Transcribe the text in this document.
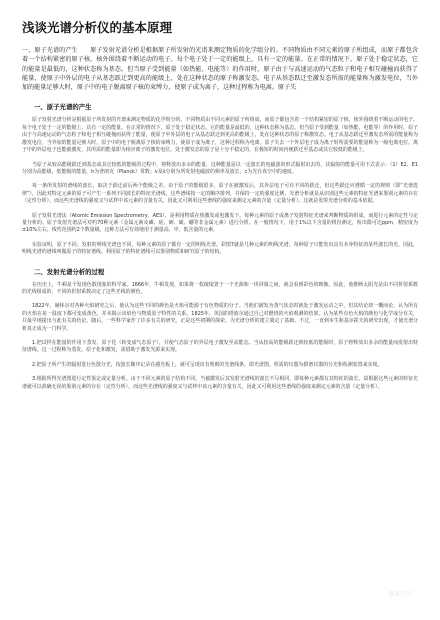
浅谈光谱分析仪的基本原理
一、原子光谱的产生　　原子发射光谱分析是根据原子所发射的光谱来测定物质的化学组分的。不同物质由不同元素的原子所组成，而原子都包含着一个结构紧密的原子核，核外围绕着不断运动的电子。每个电子处于一定的能级上，具有一定的能量。在正常的情况下，原子处于稳定状态，它的能量是最低的，这种状态称为基态。但当原子受到能量（如热能、电能等）的作用时，原子由于与高速运动的气态粒子和电子相互碰撞而获得了能量，使原子中外层的电子从基态跃迁到更高的能级上，处在这种状态的原子称激发态。电子从基态跃迁至激发态所需的能量称为激发电位，当外加的能量足够大时，原子中的电子脱离原子核的束缚力，使原子成为离子，这种过程称为电离。原子失
一、原子光谱的产生
原子发射光谱分析是根据原子所发射的光谱来测定物质的化学组分的。不同物质由不同元素的原子所组成，而原子都包含着一个结构紧密的原子核，核外围绕着不断运动的电子。每个电子处于一定的能级上，具有一定的能量。在正常的情况下，原子处于稳定状态，它的能量是最低的，这种状态称为基态。但当原子受到能量（如热能、电能等）的作用时，原子由于与高速运动的气态粒子和电子相互碰撞而获得了能量，使原子中外层的电子从基态跃迁到更高的能级上，处在这种状态的原子称激发态。电子从基态跃迁至激发态所需的能量称为激发电位，当外加的能量足够大时，原子中的电子脱离原子核的束缚力，使原子成为离子，这种过程称为电离。原子失去一个外层电子成为离子时所需要的能量称为一级电离电位。离子中的外层电子也能被激发，其所需的能量即为相应离子的激发电位。处于激发态的原子是十分不稳定的，在极短的时间内便跃迁至基态或其它较低的能级上。
当原子从较高能级跃迁到基态或其它较低的能级的过程中，将释放出多余的能量，这种能量是以一定波长的电磁波的形式辐射出去的，其辐射的能量可用下式表示：（1）E2、E1分别为高能级、低能级的能量，h为普朗克（Planck）常数；v及λ分别为所发射电磁波的频率及波长，c为光在真空中的速度。
每一条所发射的谱线的波长，取决于跃迁前后两个能级之差。由于原子的能级很多，原子在被激发后，其外层电子可有不同的跃迁，但这些跃迁应遵循一定的规则（即“光谱选律”），因此对特定元素的原子可产生一系列不同波长的特征光谱线，这些谱线按一定的顺序排列，并保持一定的强度比例。光谱分析就是从识别这些元素的特征光谱来鉴别元素的存在（定性分析），而这些光谱线的强度又与试样中该元素的含量有关，因此又可利用这些谱线的强度来测定元素的含量（定量分析）。这就是发射光谱分析的基本依据。
原子发射光谱法（Atomic Emission Spectrometry，AES），是利用物质在热激发或电激发下，每种元素的原子或离子发射特征光谱来判断物质的组成，而进行元素的定性与定量分析的。原子发射光谱法可对约70种元素（金属元素及磷、硅、砷、碳、硼等非金属元素）进行分析。在一般情况下，用于1%以下含量的组份测定，检出限可达ppm，精密度为±10%左右，线性范围约2个数量级。这种方法可有效地用于测量高、中、低含量的元素。
实验证明，原子不同，发射的明线光谱也不同，每种元素的原子都有一定的明线光谱。彩图7就是几种元素的明线光谱。每种原子只能发出具有本身特征的某些波长的光，因此，明线光谱的谱线叫做原子的特征谱线。利用原子的特征谱线可以鉴别物质和研究原子的结构。
二、发射光谱分析的过程
在历史上，牛顿是个发现色散现象的科学家。1666年，牛顿发现，如果将一枚棱镜置于一个光源和一块屏幕之间，就会看到彩色的映像。因此，他推断太阳光是由不同折射系数的光线组成的，不同的折射系数决定了这些光线的颜色。
1822年，赫休尔对各种火焰研究之后，他认为这些不同的颜色是火焰可能源于有色物质的分子。当他们被发为蒸气状态时就处于激发运动之中，但其结论却一概而论，认为所有的火焰在某一温度下都可变成黄色，并未揭示出焰色与物质原子特性的关系。1825年，英国的塔波尔通过自己对燃烧的火焰观测的结果，认为某些有色火焰的颜色与化学成分有关，并最早地提出与此有关的结论。随后，一些科学家作了许多有关的研究。正是这些初期的探索，为光谱分析的建立奠定了基础。不过，一直到本生和基尔霍夫的研究出现，才使光谱分析真正成为一门科学。
1.把试样在能量的作用下蒸发、原子化（转变成气态原子），并使气态原子的外层电子激发至高能态。当从较高的能级跃迁到较低的能级时，原子将释放出多余的能量而发射出特征谱线。这一过程称为蒸发、原子化和激发，需借助于激发光源来实现。
2.把原子所产生的辐射进行色散分光，按波长顺序记录在感光板上，就可呈现出有规则的光谱线条，即光谱图。所需的仪器为摄谱仪器的分光和检测装置来实现。
3.根据所得光谱图进行定性鉴定或定量分析。由于不同元素的原子结构不同，当被激发后其发射光谱线的波长不尽相同，即每种元素都有其特征的波长，故根据这些元素的特征光谱就可以准确无误的鉴别元素的存在（定性分析），而这些光谱线的强度又与试样中该元素的含量有关，因此又可利用这些谱线的强度来测定元素的含量（定量分析）。
道客巴巴
